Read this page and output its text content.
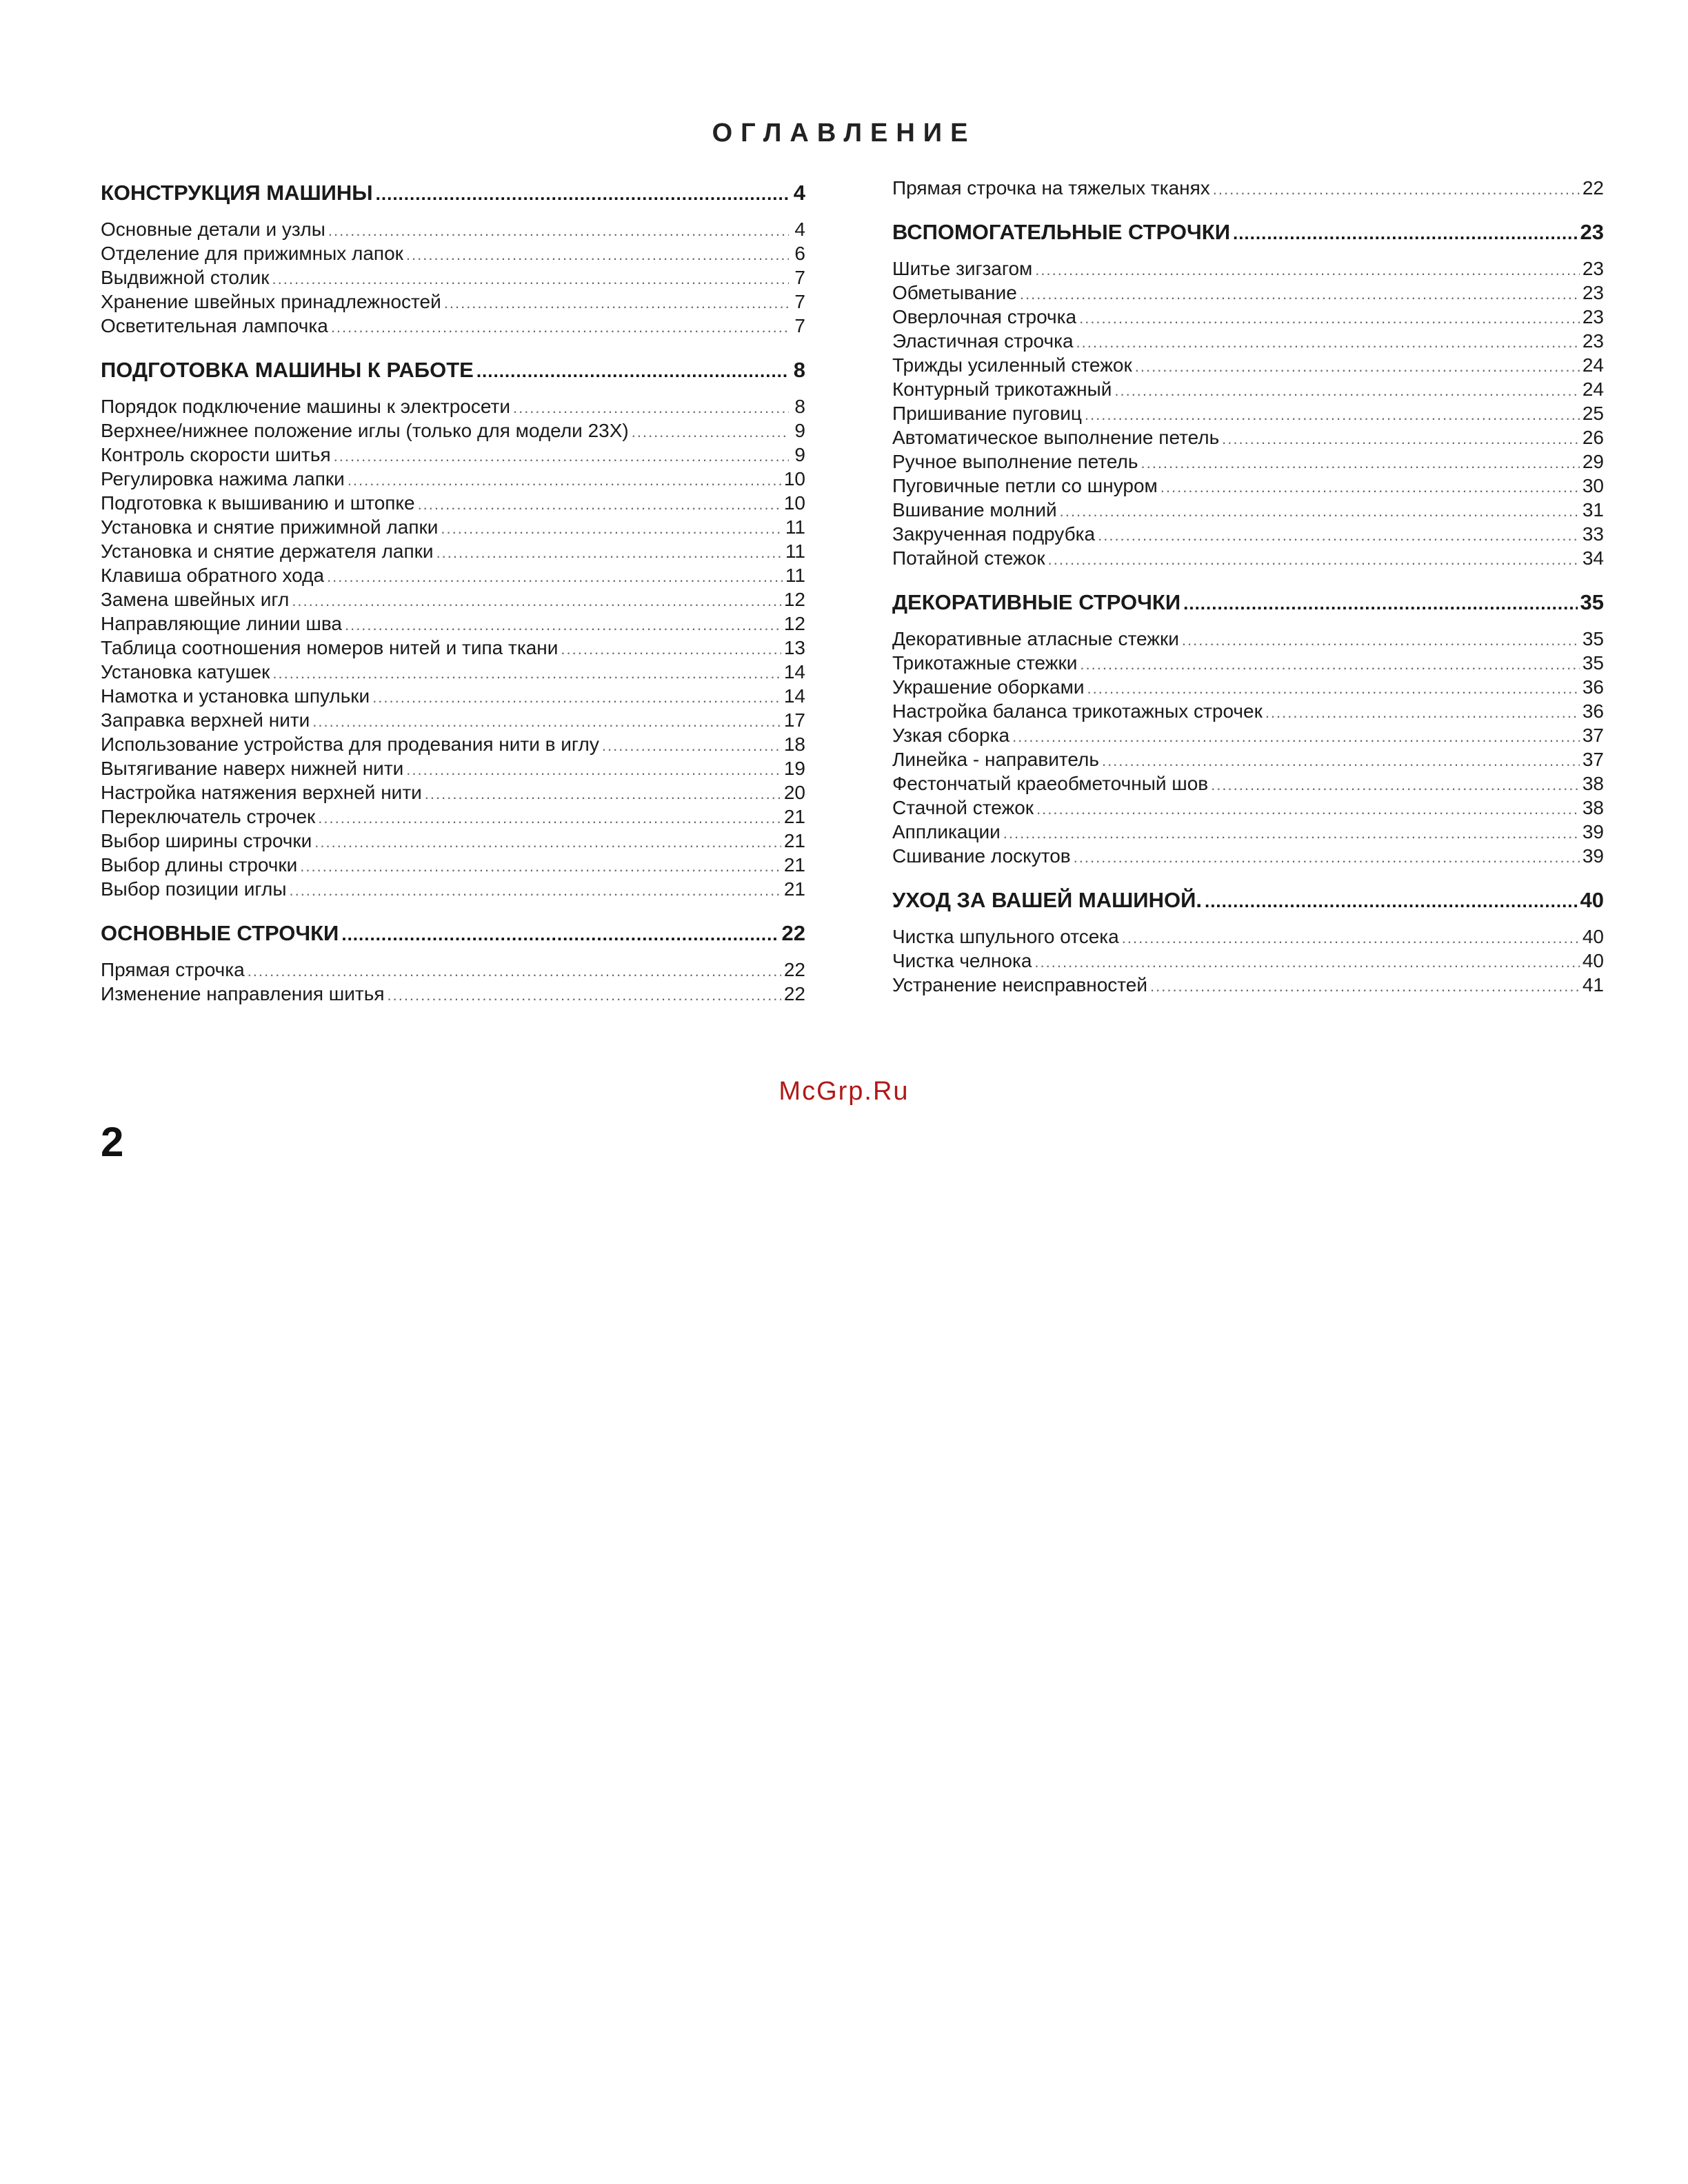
ОГЛАВЛЕНИЕ
КОНСТРУКЦИЯ МАШИНЫ .....	4
Основные детали и узлы .....	4
Отделение для прижимных лапок .....	6
Выдвижной столик .....	7
Хранение швейных принадлежностей .....	7
Осветительная лампочка .....	7
ПОДГОТОВКА МАШИНЫ К РАБОТЕ .....	8
Порядок подключение машины к электросети .....	8
Верхнее/нижнее положение иглы (только для модели 23X) .....	9
Контроль скорости шитья .....	9
Регулировка нажима лапки .....	10
Подготовка к вышиванию и штопке .....	10
Установка и снятие прижимной лапки .....	11
Установка и снятие держателя лапки .....	11
Клавиша обратного хода .....	11
Замена швейных игл .....	12
Направляющие линии шва .....	12
Таблица соотношения номеров нитей и типа ткани .....	13
Установка катушек .....	14
Намотка и установка шпульки .....	14
Заправка верхней нити .....	17
Использование устройства для продевания нити в иглу .....	18
Вытягивание наверх нижней нити .....	19
Настройка натяжения верхней нити .....	20
Переключатель строчек .....	21
Выбор ширины строчки .....	21
Выбор длины строчки .....	21
Выбор позиции иглы .....	21
ОСНОВНЫЕ СТРОЧКИ .....	22
Прямая строчка .....	22
Изменение направления шитья .....	22
Прямая строчка на тяжелых тканях .....	22
ВСПОМОГАТЕЛЬНЫЕ СТРОЧКИ .....	23
Шитье зигзагом .....	23
Обметывание .....	23
Оверлочная строчка .....	23
Эластичная строчка .....	23
Трижды усиленный стежок .....	24
Контурный трикотажный .....	24
Пришивание пуговиц .....	25
Автоматическое выполнение петель .....	26
Ручное выполнение петель .....	29
Пуговичные петли со шнуром .....	30
Вшивание молний .....	31
Закрученная подрубка .....	33
Потайной стежок .....	34
ДЕКОРАТИВНЫЕ СТРОЧКИ .....	35
Декоративные атласные стежки .....	35
Трикотажные стежки .....	35
Украшение оборками .....	36
Настройка баланса трикотажных строчек .....	36
Узкая сборка .....	37
Линейка - направитель .....	37
Фестончатый краеобметочный шов .....	38
Стачной стежок .....	38
Аппликации .....	39
Сшивание лоскутов .....	39
УХОД ЗА ВАШЕЙ МАШИНОЙ. .....	40
Чистка шпульного отсека .....	40
Чистка челнока .....	40
Устранение неисправностей .....	41
McGrp.Ru
2
